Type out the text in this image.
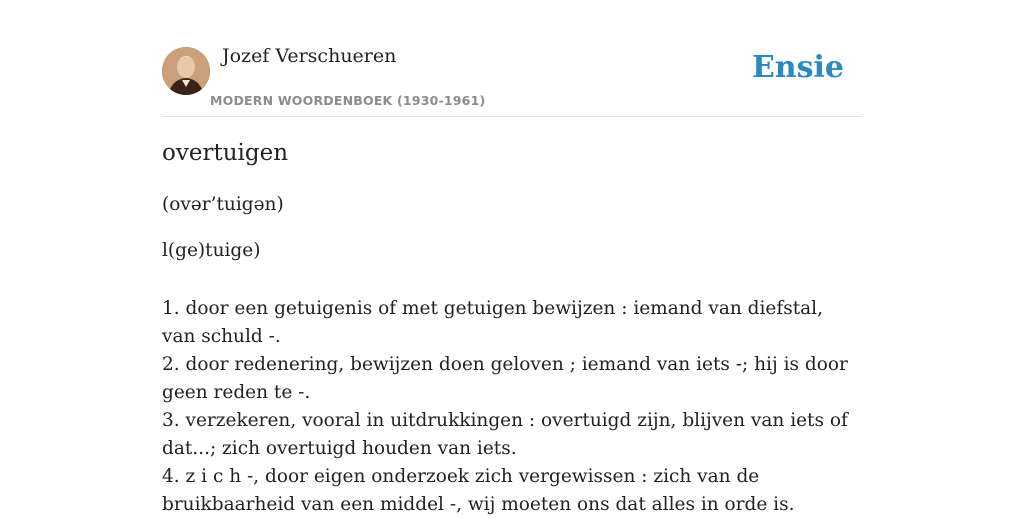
Jozef Verschueren
MODERN WOORDENBOEK (1930-1961)
Ensie
overtuigen
(ovər’tuigən)
l(ge)tuige)

1. door een getuigenis of met getuigen bewijzen : iemand van diefstal, van schuld -.

2. door redenering, bewijzen doen geloven ; iemand van iets -; hij is door geen reden te -.

3. verzekeren, vooral in uitdrukkingen : overtuigd zijn, blijven van iets of dat...; zich overtuigd houden van iets.

4. z i c h -, door eigen onderzoek zich vergewissen : zich van de bruikbaarheid van een middel -, wij moeten ons dat alles in orde is.
